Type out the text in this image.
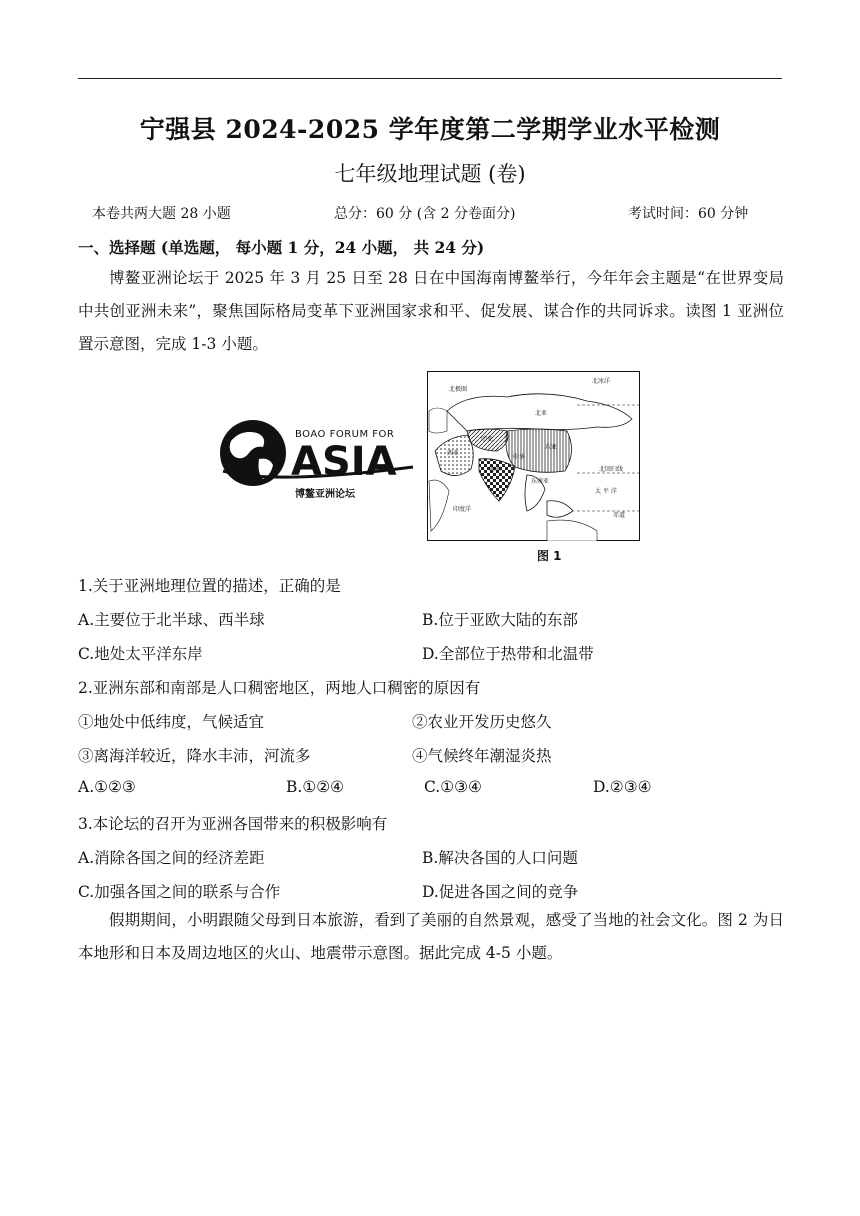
宁强县 2024-2025 学年度第二学期学业水平检测
七年级地理试题 (卷)
本卷共两大题 28 小题	总分：60 分 (含 2 分卷面分)	考试时间：60 分钟
一、选择题 (单选题， 每小题 1 分，24 小题， 共 24 分)
博鳌亚洲论坛于 2025 年 3 月 25 日至 28 日在中国海南博鳌举行，今年年会主题是“在世界变局中共创亚洲未来”，聚焦国际格局变革下亚洲国家求和平、促发展、谋合作的共同诉求。读图 1 亚洲位置示意图，完成 1-3 小题。
BOAO FORUM FOR
ASIA
博鳌亚洲论坛
北冰洋
北极圈
北亚
中亚
西亚
东亚
中华
南亚
东南亚
北回归线
太 平 洋
印度洋
赤道
图 1
1.关于亚洲地理位置的描述，正确的是
A.主要位于北半球、西半球	B.位于亚欧大陆的东部
C.地处太平洋东岸	D.全部位于热带和北温带
2.亚洲东部和南部是人口稠密地区，两地人口稠密的原因有
①地处中低纬度，气候适宜	②农业开发历史悠久
③离海洋较近，降水丰沛，河流多	④气候终年潮湿炎热
A.①②③	B.①②④	C.①③④	D.②③④
3.本论坛的召开为亚洲各国带来的积极影响有
A.消除各国之间的经济差距	B.解决各国的人口问题
C.加强各国之间的联系与合作	D.促进各国之间的竞争
假期期间，小明跟随父母到日本旅游，看到了美丽的自然景观，感受了当地的社会文化。图 2 为日本地形和日本及周边地区的火山、地震带示意图。据此完成 4-5 小题。
